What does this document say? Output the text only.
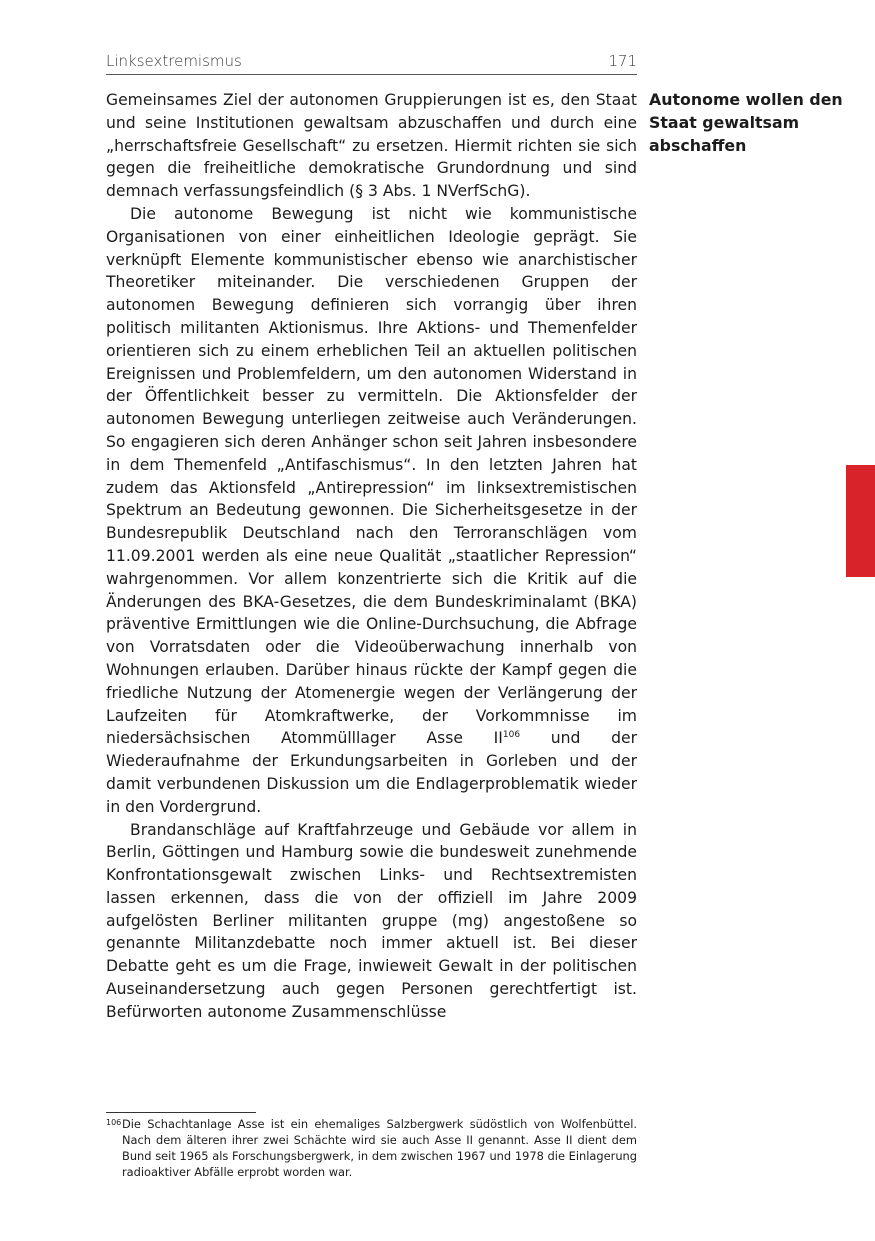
Linksextremismus	171

Gemeinsames Ziel der autonomen Gruppierungen ist es, den Staat und seine Institutionen gewaltsam abzuschaffen und durch eine „herrschaftsfreie Gesellschaft“ zu ersetzen. Hiermit richten sie sich gegen die freiheitliche demokratische Grundordnung und sind demnach verfassungsfeindlich (§ 3 Abs. 1 NVerfSchG).

Die autonome Bewegung ist nicht wie kommunistische Organisationen von einer einheitlichen Ideologie geprägt. Sie verknüpft Elemente kommunistischer ebenso wie anarchistischer Theoretiker miteinander. Die verschiedenen Gruppen der autonomen Bewegung definieren sich vorrangig über ihren politisch militanten Aktionismus. Ihre Aktions- und Themenfelder orientieren sich zu einem erheblichen Teil an aktuellen politischen Ereignissen und Problemfeldern, um den autonomen Widerstand in der Öffentlichkeit besser zu vermitteln. Die Aktionsfelder der autonomen Bewegung unterliegen zeitweise auch Veränderungen. So engagieren sich deren Anhänger schon seit Jahren insbesondere in dem Themenfeld „Antifaschismus“. In den letzten Jahren hat zudem das Aktionsfeld „Antirepression“ im linksextremistischen Spektrum an Bedeutung gewonnen. Die Sicherheitsgesetze in der Bundesrepublik Deutschland nach den Terroranschlägen vom 11.09.2001 werden als eine neue Qualität „staatlicher Repression“ wahrgenommen. Vor allem konzentrierte sich die Kritik auf die Änderungen des BKA-Gesetzes, die dem Bundeskriminalamt (BKA) präventive Ermittlungen wie die Online-Durchsuchung, die Abfrage von Vorratsdaten oder die Videoüberwachung innerhalb von Wohnungen erlauben. Darüber hinaus rückte der Kampf gegen die friedliche Nutzung der Atomenergie wegen der Verlängerung der Laufzeiten für Atomkraftwerke, der Vorkommnisse im niedersächsischen Atommülllager Asse II$^{106}$ und der Wiederaufnahme der Erkundungsarbeiten in Gorleben und der damit verbundenen Diskussion um die Endlagerproblematik wieder in den Vordergrund.

Brandanschläge auf Kraftfahrzeuge und Gebäude vor allem in Berlin, Göttingen und Hamburg sowie die bundesweit zunehmende Konfrontationsgewalt zwischen Links- und Rechtsextremisten lassen erkennen, dass die von der offiziell im Jahre 2009 aufgelösten Berliner militanten gruppe (mg) angestoßene so genannte Militanzdebatte noch immer aktuell ist. Bei dieser Debatte geht es um die Frage, inwieweit Gewalt in der politischen Auseinandersetzung auch gegen Personen gerechtfertigt ist. Befürworten autonome Zusammenschlüsse

Autonome wollen den Staat gewaltsam abschaffen
106 Die Schachtanlage Asse ist ein ehemaliges Salzbergwerk südöstlich von Wolfenbüttel. Nach dem älteren ihrer zwei Schächte wird sie auch Asse II genannt. Asse II dient dem Bund seit 1965 als Forschungsbergwerk, in dem zwischen 1967 und 1978 die Einlagerung radioaktiver Abfälle erprobt worden war.
